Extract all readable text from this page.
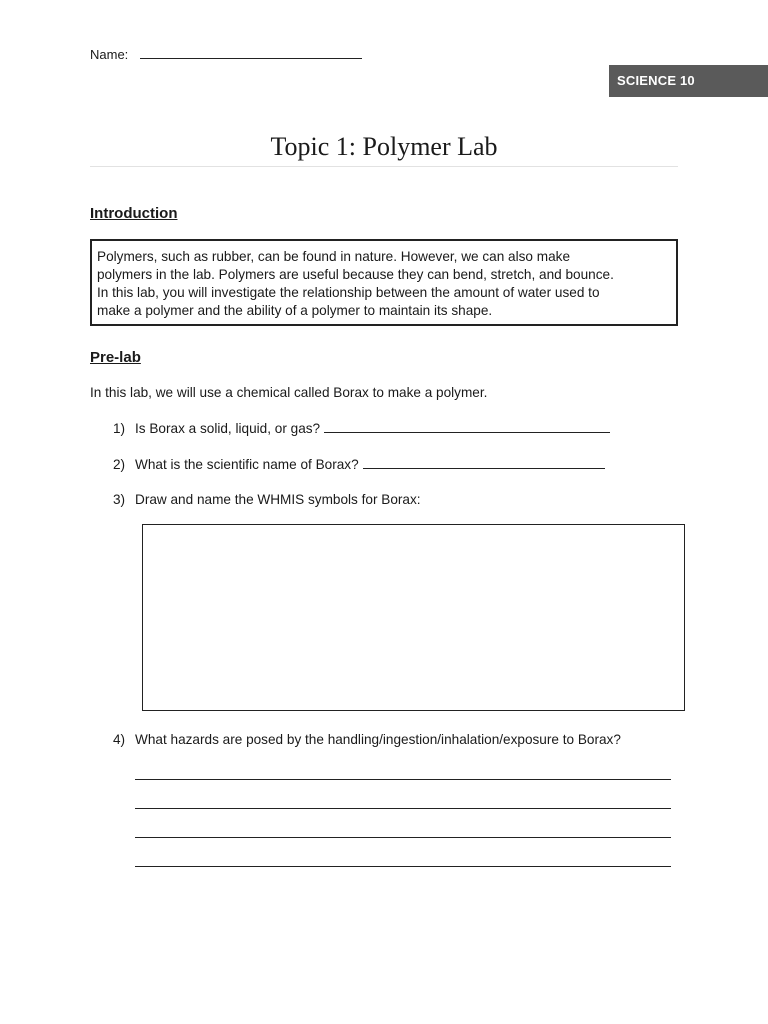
Name:
SCIENCE 10
Topic 1: Polymer Lab
Introduction
Polymers, such as rubber, can be found in nature. However, we can also make
polymers in the lab. Polymers are useful because they can bend, stretch, and bounce.
In this lab, you will investigate the relationship between the amount of water used to
make a polymer and the ability of a polymer to maintain its shape.
Pre-lab
In this lab, we will use a chemical called Borax to make a polymer.
1) Is Borax a solid, liquid, or gas?
2) What is the scientific name of Borax?
3) Draw and name the WHMIS symbols for Borax:
4) What hazards are posed by the handling/ingestion/inhalation/exposure to Borax?
